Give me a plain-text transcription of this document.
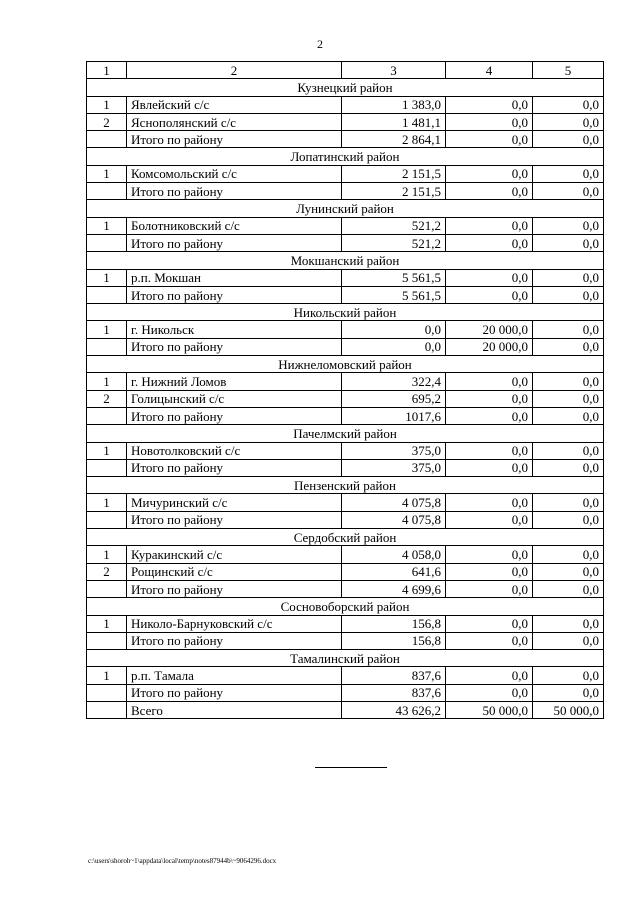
2
1	2	3	4	5
Кузнецкий район				
1	Явлейский с/с	1 383,0	0,0	0,0
2	Яснополянский с/с	1 481,1	0,0	0,0
	Итого по району	2 864,1	0,0	0,0
Лопатинский район				
1	Комсомольский с/с	2 151,5	0,0	0,0
	Итого по району	2 151,5	0,0	0,0
Лунинский район				
1	Болотниковский с/с	521,2	0,0	0,0
	Итого по району	521,2	0,0	0,0
Мокшанский район				
1	р.п. Мокшан	5 561,5	0,0	0,0
	Итого по району	5 561,5	0,0	0,0
Никольский район				
1	г. Никольск	0,0	20 000,0	0,0
	Итого по району	0,0	20 000,0	0,0
Нижнеломовский район				
1	г. Нижний Ломов	322,4	0,0	0,0
2	Голицынский с/с	695,2	0,0	0,0
	Итого по району	1017,6	0,0	0,0
Пачелмский район				
1	Новотолковский с/с	375,0	0,0	0,0
	Итого по району	375,0	0,0	0,0
Пензенский район				
1	Мичуринский с/с	4 075,8	0,0	0,0
	Итого по району	4 075,8	0,0	0,0
Сердобский район				
1	Куракинский с/с	4 058,0	0,0	0,0
2	Рощинский с/с	641,6	0,0	0,0
	Итого по району	4 699,6	0,0	0,0
Сосновоборский район				
1	Николо-Барнуковский с/с	156,8	0,0	0,0
	Итого по району	156,8	0,0	0,0
Тамалинский район				
1	р.п. Тамала	837,6	0,0	0,0
	Итого по району	837,6	0,0	0,0
	Всего	43 626,2	50 000,0	50 000,0
c:\users\shoroh~1\appdata\local\temp\notes87944b\~9064296.docx
